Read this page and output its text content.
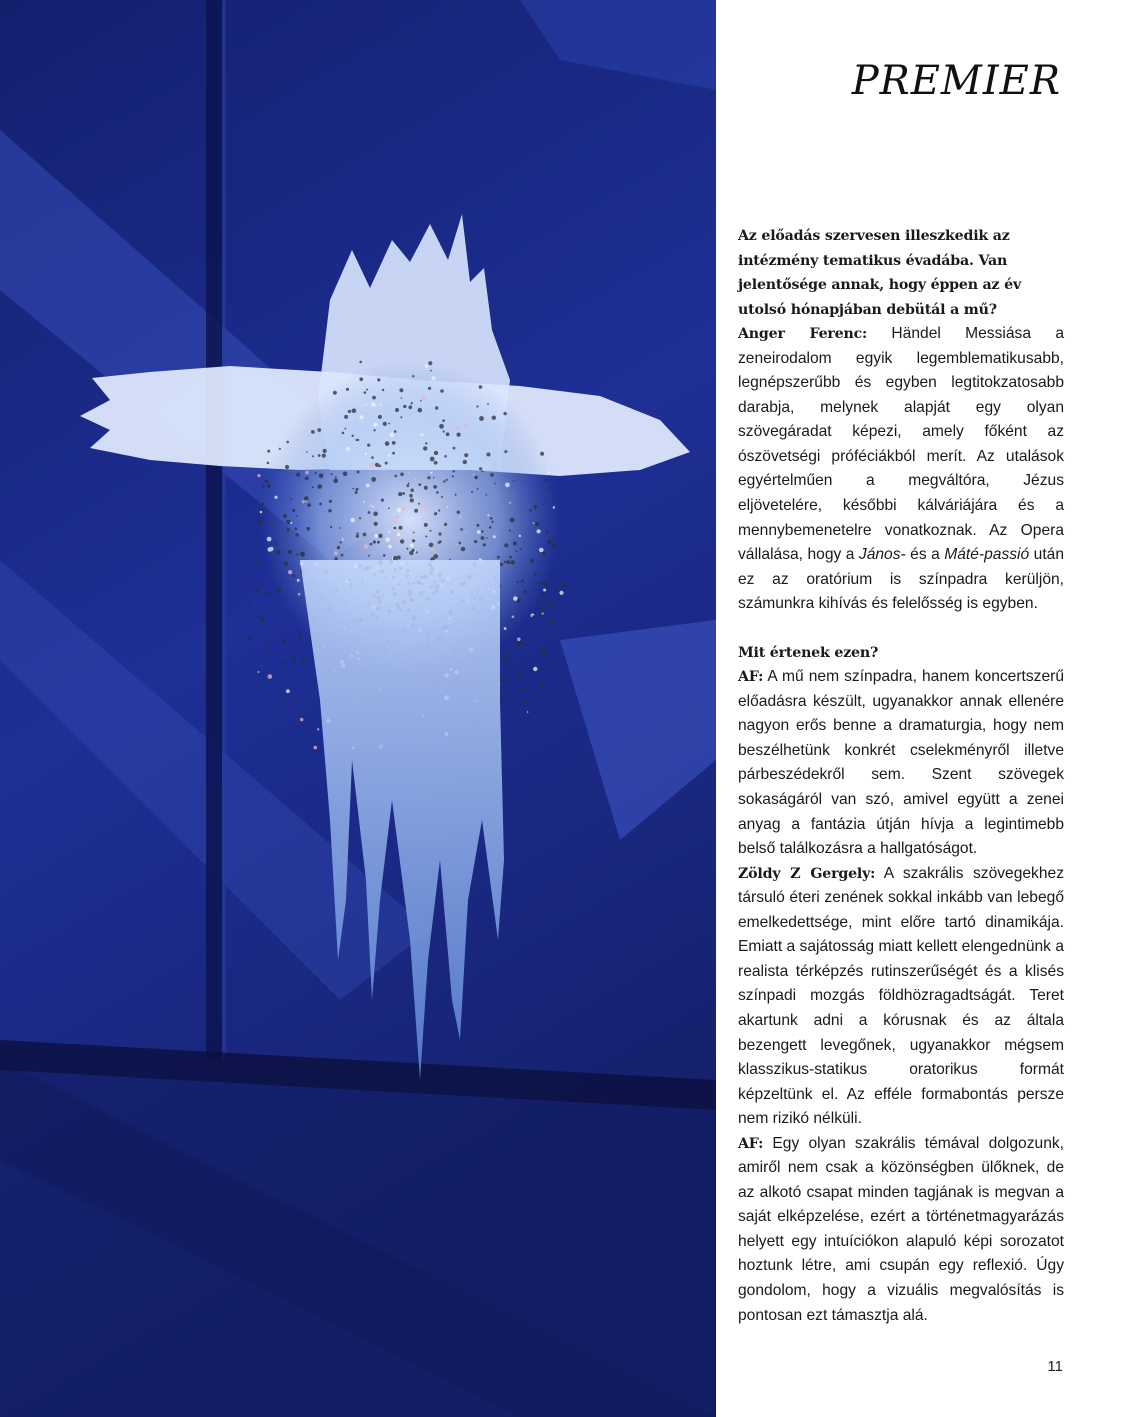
PREMIER

Az előadás szervesen illeszkedik az intézmény tematikus évadába. Van jelentősége annak, hogy éppen az év utolsó hónapjában debütál a mű?

Anger Ferenc: Händel Messiása a zeneirodalom egyik legemblematikusabb, legnépszerűbb és egyben legtitokzatosabb darabja, melynek alapját egy olyan szövegáradat képezi, amely főként az ószövetségi próféciákból merít. Az utalások egyértelműen a megváltóra, Jézus eljövetelére, későbbi kálváriájára és a mennybemenetelre vonatkoznak. Az Opera vállalása, hogy a János- és a Máté-passió után ez az oratórium is színpadra kerüljön, számunkra kihívás és felelősség is egyben.

Mit értenek ezen?

AF: A mű nem színpadra, hanem koncertszerű előadásra készült, ugyanakkor annak ellenére nagyon erős benne a dramaturgia, hogy nem beszélhetünk konkrét cselekményről illetve párbeszédekről sem. Szent szövegek sokaságáról van szó, amivel együtt a zenei anyag a fantázia útján hívja a legintimebb belső találkozásra a hallgatóságot.

Zöldy Z Gergely: A szakrális szövegekhez társuló éteri zenének sokkal inkább van lebegő emelkedettsége, mint előre tartó dinamikája. Emiatt a sajátosság miatt kellett elengednünk a realista térképzés rutinszerűségét és a klisés színpadi mozgás földhözragadtságát. Teret akartunk adni a kórusnak és az általa bezengett levegőnek, ugyanakkor mégsem klasszikus-statikus oratorikus formát képzeltünk el. Az efféle formabontás persze nem rizikó nélküli.

AF: Egy olyan szakrális témával dolgozunk, amiről nem csak a közönségben ülőknek, de az alkotó csapat minden tagjának is megvan a saját elképzelése, ezért a történetmagyarázás helyett egy intuíciókon alapuló képi sorozatot hoztunk létre, ami csupán egy reflexió. Úgy gondolom, hogy a vizuális megvalósítás is pontosan ezt támasztja alá.

11
